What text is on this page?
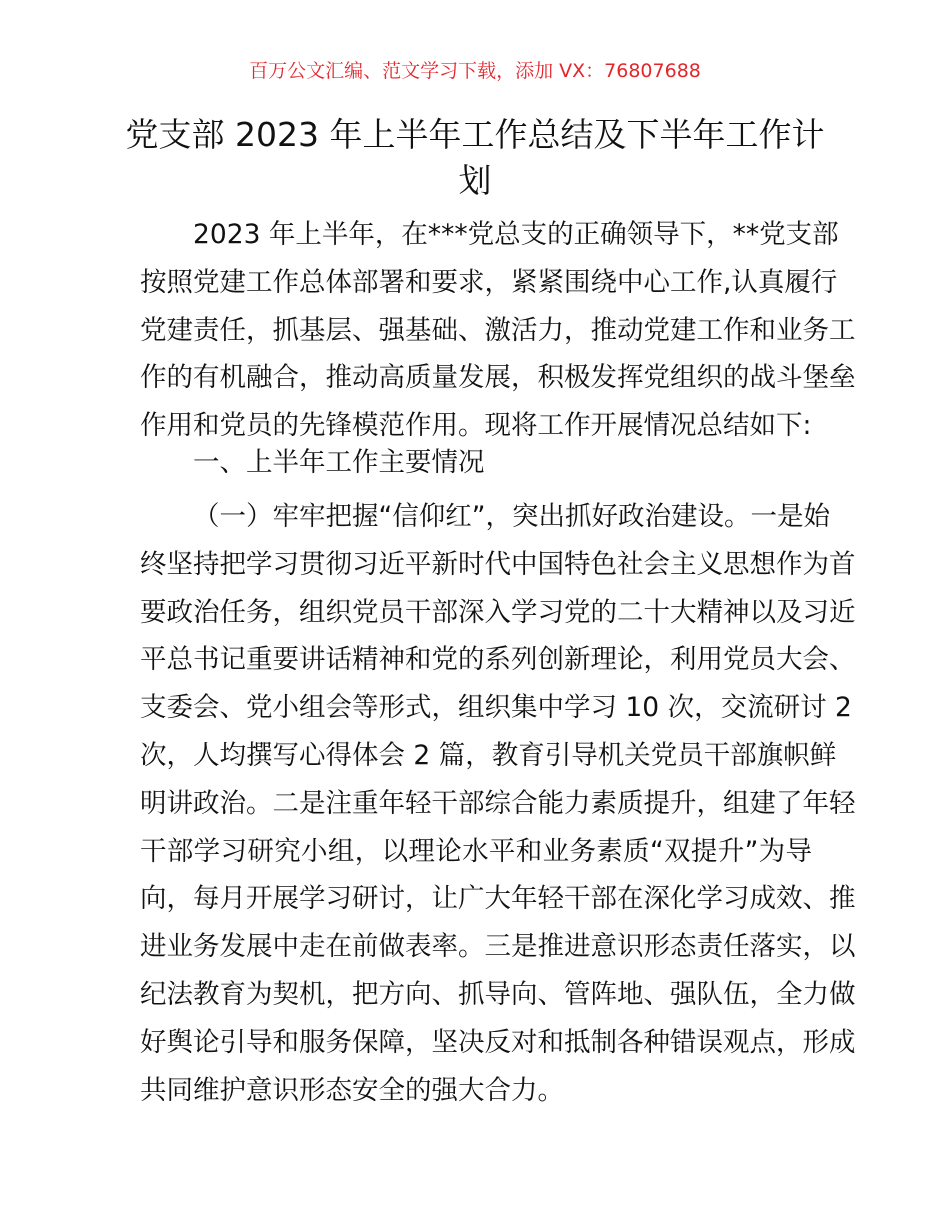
百万公文汇编、范文学习下载，添加 VX：76807688
党支部 2023 年上半年工作总结及下半年工作计
划
2023 年上半年，在***党总支的正确领导下，**党支部
按照党建工作总体部署和要求，紧紧围绕中心工作,认真履行
党建责任，抓基层、强基础、激活力，推动党建工作和业务工
作的有机融合，推动高质量发展，积极发挥党组织的战斗堡垒
作用和党员的先锋模范作用。现将工作开展情况总结如下:
一、上半年工作主要情况
（一）牢牢把握“信仰红”，突出抓好政治建设。一是始
终坚持把学习贯彻习近平新时代中国特色社会主义思想作为首
要政治任务，组织党员干部深入学习党的二十大精神以及习近
平总书记重要讲话精神和党的系列创新理论，利用党员大会、
支委会、党小组会等形式，组织集中学习 10 次，交流研讨 2
次，人均撰写心得体会 2 篇，教育引导机关党员干部旗帜鲜
明讲政治。二是注重年轻干部综合能力素质提升，组建了年轻
干部学习研究小组，以理论水平和业务素质“双提升”为导
向，每月开展学习研讨，让广大年轻干部在深化学习成效、推
进业务发展中走在前做表率。三是推进意识形态责任落实，以
纪法教育为契机，把方向、抓导向、管阵地、强队伍，全力做
好舆论引导和服务保障，坚决反对和抵制各种错误观点，形成
共同维护意识形态安全的强大合力。
